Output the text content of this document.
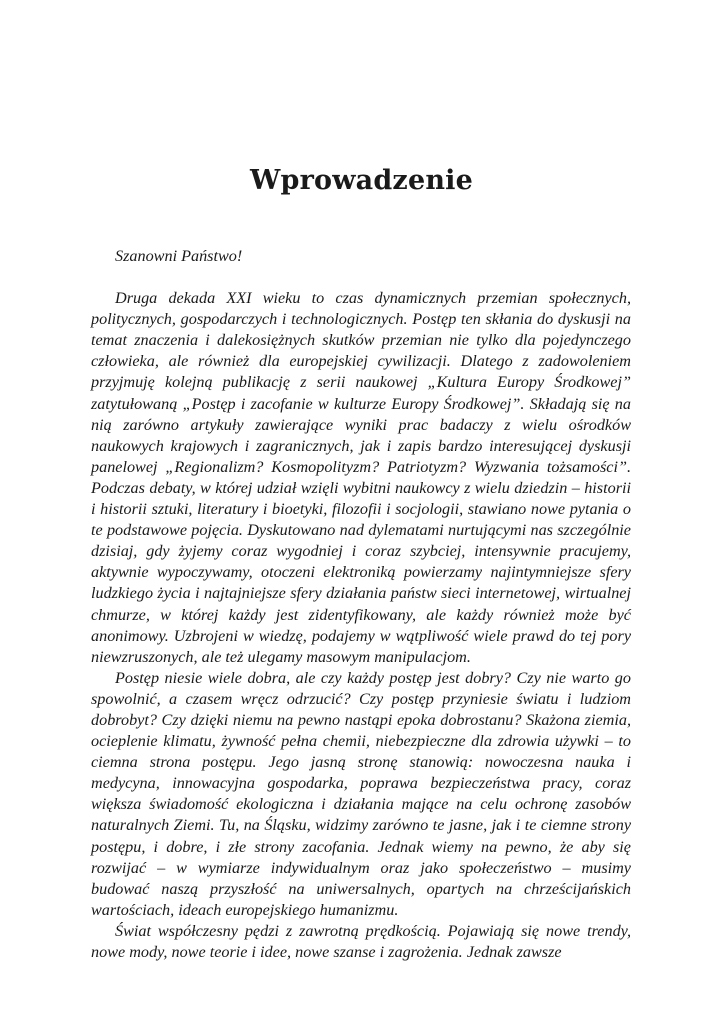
Wprowadzenie

Szanowni Państwo!

Druga dekada XXI wieku to czas dynamicznych przemian społecznych, politycznych, gospodarczych i technologicznych. Postęp ten skłania do dyskusji na temat znaczenia i dalekosiężnych skutków przemian nie tylko dla pojedynczego człowieka, ale również dla europejskiej cywilizacji. Dlatego z zadowoleniem przyjmuję kolejną publikację z serii naukowej „Kultura Europy Środkowej” zatytułowaną „Postęp i zacofanie w kulturze Europy Środkowej”. Składają się na nią zarówno artykuły zawierające wyniki prac badaczy z wielu ośrodków naukowych krajowych i zagranicznych, jak i zapis bardzo interesującej dyskusji panelowej „Regionalizm? Kosmopolityzm? Patriotyzm? Wyzwania tożsamości”. Podczas debaty, w której udział wzięli wybitni naukowcy z wielu dziedzin – historii i historii sztuki, literatury i bioetyki, filozofii i socjologii, stawiano nowe pytania o te podstawowe pojęcia. Dyskutowano nad dylematami nurtującymi nas szczególnie dzisiaj, gdy żyjemy coraz wygodniej i coraz szybciej, intensywnie pracujemy, aktywnie wypoczywamy, otoczeni elektroniką powierzamy najintymniejsze sfery ludzkiego życia i najtajniejsze sfery działania państw sieci internetowej, wirtualnej chmurze, w której każdy jest zidentyfikowany, ale każdy również może być anonimowy. Uzbrojeni w wiedzę, podajemy w wątpliwość wiele prawd do tej pory niewzruszonych, ale też ulegamy masowym manipulacjom.

Postęp niesie wiele dobra, ale czy każdy postęp jest dobry? Czy nie warto go spowolnić, a czasem wręcz odrzucić? Czy postęp przyniesie światu i ludziom dobrobyt? Czy dzięki niemu na pewno nastąpi epoka dobrostanu? Skażona ziemia, ocieplenie klimatu, żywność pełna chemii, niebezpieczne dla zdrowia używki – to ciemna strona postępu. Jego jasną stronę stanowią: nowoczesna nauka i medycyna, innowacyjna gospodarka, poprawa bezpieczeństwa pracy, coraz większa świadomość ekologiczna i działania mające na celu ochronę zasobów naturalnych Ziemi. Tu, na Śląsku, widzimy zarówno te jasne, jak i te ciemne strony postępu, i dobre, i złe strony zacofania. Jednak wiemy na pewno, że aby się rozwijać – w wymiarze indywidualnym oraz jako społeczeństwo – musimy budować naszą przyszłość na uniwersalnych, opartych na chrześcijańskich wartościach, ideach europejskiego humanizmu.

Świat współczesny pędzi z zawrotną prędkością. Pojawiają się nowe trendy, nowe mody, nowe teorie i idee, nowe szanse i zagrożenia. Jednak zawsze
